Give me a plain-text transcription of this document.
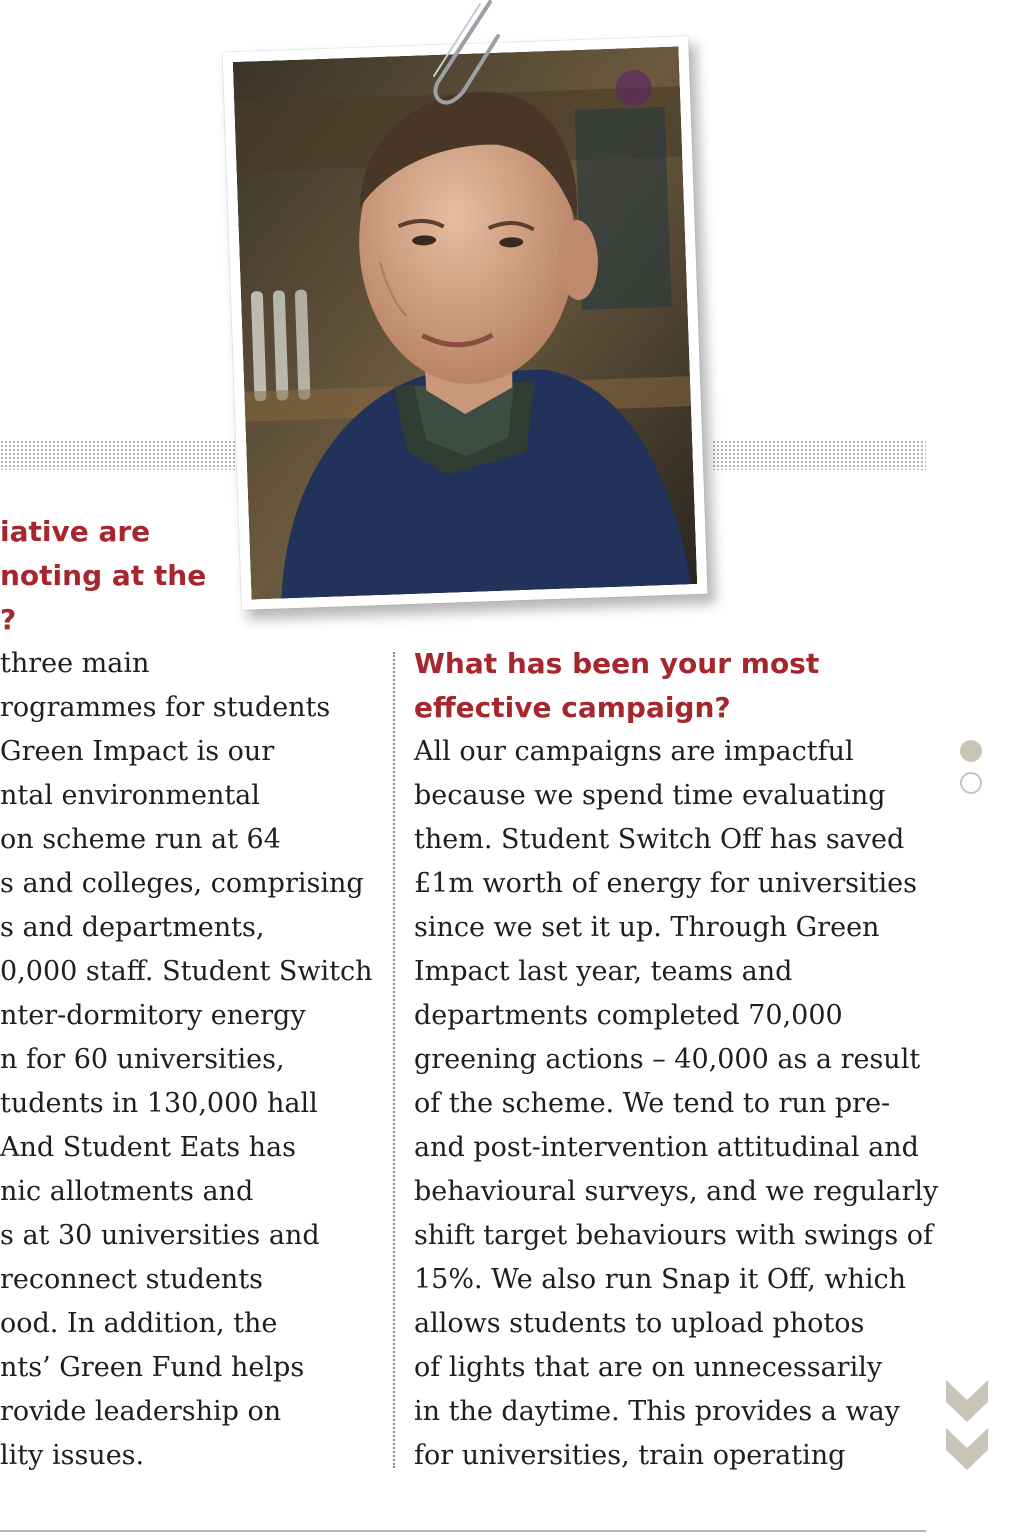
iative are
noting at the
?
three main
rogrammes for students
Green Impact is our
ntal environmental
on scheme run at 64
s and colleges, comprising
s and departments,
0,000 staff. Student Switch
nter-dormitory energy
n for 60 universities,
tudents in 130,000 hall
And Student Eats has
nic allotments and
s at 30 universities and
reconnect students
ood. In addition, the
nts’ Green Fund helps
rovide leadership on
lity issues.
What has been your most
effective campaign?
All our campaigns are impactful
because we spend time evaluating
them. Student Switch Off has saved
£1m worth of energy for universities
since we set it up. Through Green
Impact last year, teams and
departments completed 70,000
greening actions – 40,000 as a result
of the scheme. We tend to run pre-
and post-intervention attitudinal and
behavioural surveys, and we regularly
shift target behaviours with swings of
15%. We also run Snap it Off, which
allows students to upload photos
of lights that are on unnecessarily
in the daytime. This provides a way
for universities, train operating
